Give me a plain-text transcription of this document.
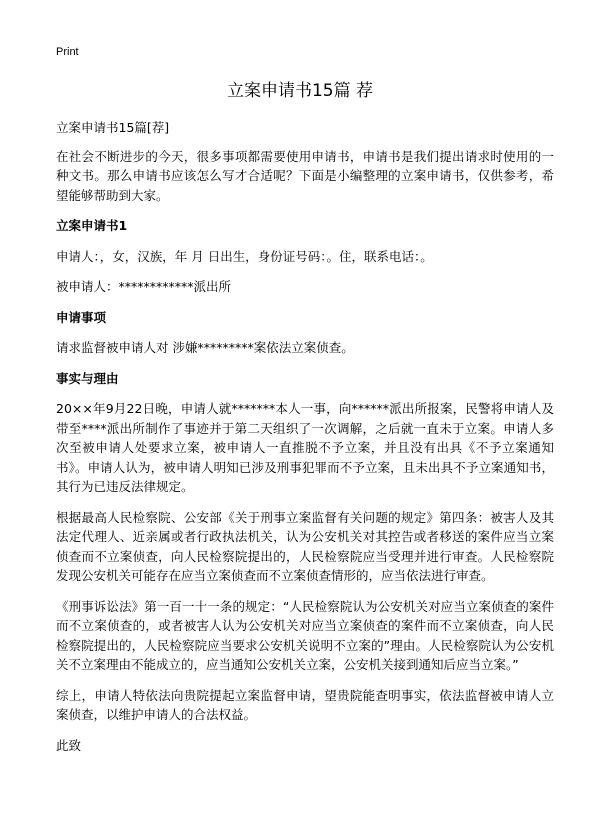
Print
立案申请书15篇 荐

立案申请书15篇[荐]

在社会不断进步的今天，很多事项都需要使用申请书，申请书是我们提出请求时使用的一种文书。那么申请书应该怎么写才合适呢？下面是小编整理的立案申请书，仅供参考，希望能够帮助到大家。

立案申请书1

申请人：，女，汉族，年 月 日出生，身份证号码：。住，联系电话：。

被申请人：************派出所

申请事项

请求监督被申请人对 涉嫌*********案依法立案侦查。

事实与理由

20××年9月22日晚，申请人就*******本人一事，向******派出所报案，民警将申请人及带至****派出所制作了事迹并于第二天组织了一次调解，之后就一直未于立案。申请人多次至被申请人处要求立案，被申请人一直推脱不予立案，并且没有出具《不予立案通知书》。申请人认为，被申请人明知已涉及刑事犯罪而不予立案，且未出具不予立案通知书，其行为已违反法律规定。

根据最高人民检察院、公安部《关于刑事立案监督有关问题的规定》第四条：被害人及其法定代理人、近亲属或者行政执法机关，认为公安机关对其控告或者移送的案件应当立案侦查而不立案侦查，向人民检察院提出的，人民检察院应当受理并进行审查。人民检察院发现公安机关可能存在应当立案侦查而不立案侦查情形的，应当依法进行审查。

《刑事诉讼法》第一百一十一条的规定：“人民检察院认为公安机关对应当立案侦查的案件而不立案侦查的，或者被害人认为公安机关对应当立案侦查的案件而不立案侦查，向人民检察院提出的，人民检察院应当要求公安机关说明不立案的”理由。人民检察院认为公安机关不立案理由不能成立的，应当通知公安机关立案，公安机关接到通知后应当立案。”

综上，申请人特依法向贵院提起立案监督申请，望贵院能查明事实，依法监督被申请人立案侦查，以维护申请人的合法权益。

此致
